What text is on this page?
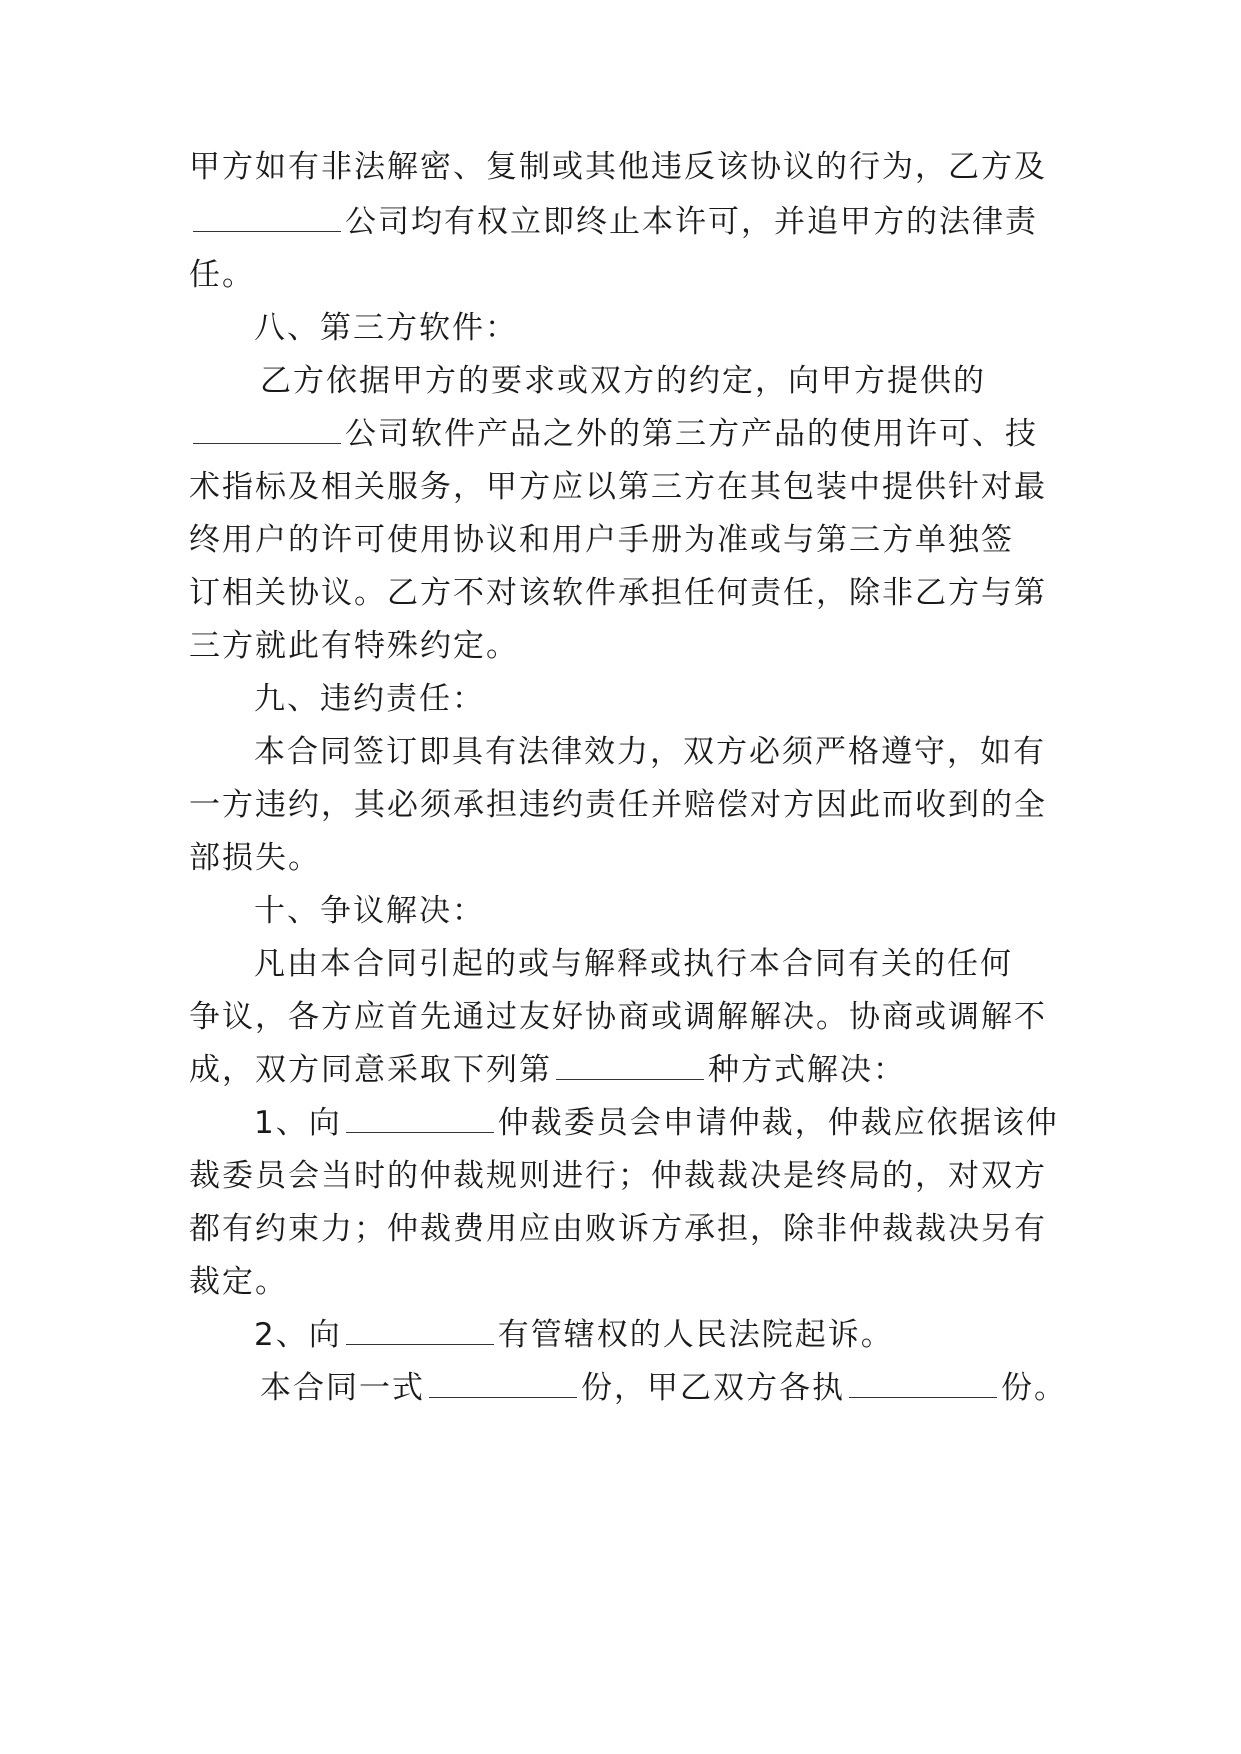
甲方如有非法解密、复制或其他违反该协议的行为，乙方及
公司均有权立即终止本许可，并追甲方的法律责
任。
八、第三方软件：
乙方依据甲方的要求或双方的约定，向甲方提供的
公司软件产品之外的第三方产品的使用许可、技
术指标及相关服务，甲方应以第三方在其包装中提供针对最
终用户的许可使用协议和用户手册为准或与第三方单独签
订相关协议。乙方不对该软件承担任何责任，除非乙方与第
三方就此有特殊约定。
九、违约责任：
本合同签订即具有法律效力，双方必须严格遵守，如有
一方违约，其必须承担违约责任并赔偿对方因此而收到的全
部损失。
十、争议解决：
凡由本合同引起的或与解释或执行本合同有关的任何
争议，各方应首先通过友好协商或调解解决。协商或调解不
成，双方同意采取下列第	种方式解决：
1、向	仲裁委员会申请仲裁，仲裁应依据该仲
裁委员会当时的仲裁规则进行；仲裁裁决是终局的，对双方
都有约束力；仲裁费用应由败诉方承担，除非仲裁裁决另有
裁定。
2、向	有管辖权的人民法院起诉。
本合同一式	份，甲乙双方各执	份。
